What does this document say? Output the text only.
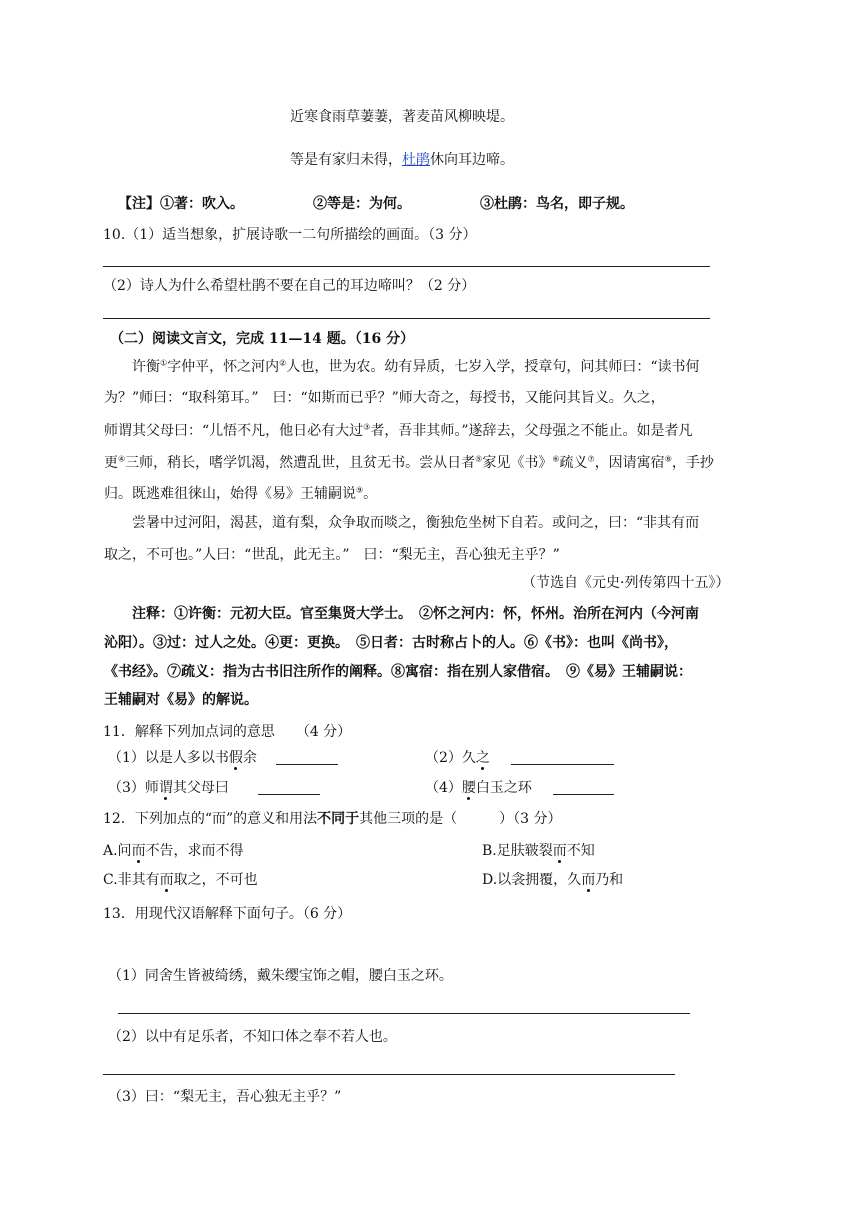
近寒食雨草萋萋，著麦苗风柳映堤。
等是有家归未得，杜鹃休向耳边啼。
【注】①著：吹入。	②等是：为何。	③杜鹃：鸟名，即子规。
10.（1）适当想象，扩展诗歌一二句所描绘的画面。（3 分）
（2）诗人为什么希望杜鹃不要在自己的耳边啼叫？（2 分）
（二）阅读文言文，完成 11—14 题。（16 分）
许衡①字仲平，怀之河内②人也，世为农。幼有异质，七岁入学，授章句，问其师曰：“读书何
为？”师曰：“取科第耳。”　曰：“如斯而已乎？”师大奇之，每授书，又能问其旨义。久之，
师谓其父母曰：“儿悟不凡，他日必有大过③者，吾非其师。”遂辞去，父母强之不能止。如是者凡
更④三师，稍长，嗜学饥渴，然遭乱世，且贫无书。尝从日者⑤家见《书》⑥疏义⑦，因请寓宿⑧，手抄
归。既逃难徂徕山，始得《易》王辅嗣说⑨。
尝暑中过河阳，渴甚，道有梨，众争取而啖之，衡独危坐树下自若。或问之，曰：“非其有而
取之，不可也。”人曰：“世乱，此无主。”　曰：“梨无主，吾心独无主乎？”
（节选自《元史·列传第四十五》）
注释：①许衡：元初大臣。官至集贤大学士。　②怀之河内：怀，怀州。治所在河内（今河南
沁阳）。③过：过人之处。④更：更换。　⑤日者：古时称占卜的人。⑥《书》：也叫《尚书》，
《书经》。⑦疏义：指为古书旧注所作的阐释。⑧寓宿：指在别人家借宿。　⑨《易》王辅嗣说：
王辅嗣对《易》的解说。
11．解释下列加点词的意思　　（4 分）
（1）以是人多以书假余	（2）久之
（3）师谓其父母曰	（4）腰白玉之环
12．下列加点的“而”的意义和用法不同于其他三项的是（　　　）（3 分）
A.问而不告，求而不得	B.足肤皲裂而不知
C.非其有而取之，不可也	D.以衾拥覆，久而乃和
13．用现代汉语解释下面句子。（6 分）
（1）同舍生皆被绮绣，戴朱缨宝饰之帽，腰白玉之环。
（2）以中有足乐者，不知口体之奉不若人也。
（3）曰：“梨无主，吾心独无主乎？”
